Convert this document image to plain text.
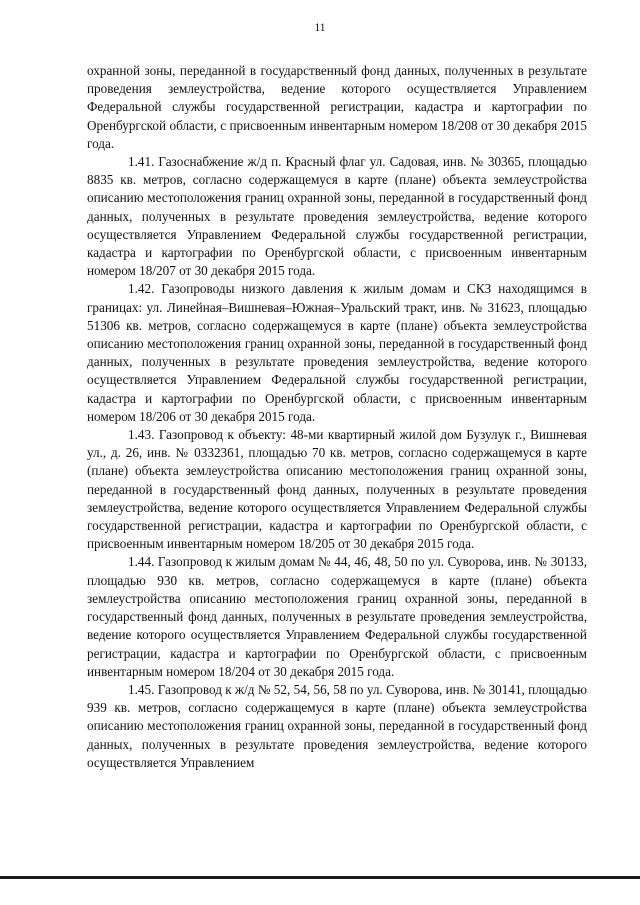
11

охранной зоны, переданной в государственный фонд данных, полученных в результате проведения землеустройства, ведение которого осуществляется Управлением Федеральной службы государственной регистрации, кадастра и картографии по Оренбургской области, с присвоенным инвентарным номером 18/208 от 30 декабря 2015 года.

1.41. Газоснабжение ж/д п. Красный флаг ул. Садовая, инв. № 30365, площадью 8835 кв. метров, согласно содержащемуся в карте (плане) объекта землеустройства описанию местоположения границ охранной зоны, переданной в государственный фонд данных, полученных в результате проведения землеустройства, ведение которого осуществляется Управлением Федеральной службы государственной регистрации, кадастра и картографии по Оренбургской области, с присвоенным инвентарным номером 18/207 от 30 декабря 2015 года.

1.42. Газопроводы низкого давления к жилым домам и СКЗ находящимся в границах: ул. Линейная–Вишневая–Южная–Уральский тракт, инв. № 31623, площадью 51306 кв. метров, согласно содержащемуся в карте (плане) объекта землеустройства описанию местоположения границ охранной зоны, переданной в государственный фонд данных, полученных в результате проведения землеустройства, ведение которого осуществляется Управлением Федеральной службы государственной регистрации, кадастра и картографии по Оренбургской области, с присвоенным инвентарным номером 18/206 от 30 декабря 2015 года.

1.43. Газопровод к объекту: 48-ми квартирный жилой дом Бузулук г., Вишневая ул., д. 26, инв. № 0332361, площадью 70 кв. метров, согласно содержащемуся в карте (плане) объекта землеустройства описанию местоположения границ охранной зоны, переданной в государственный фонд данных, полученных в результате проведения землеустройства, ведение которого осуществляется Управлением Федеральной службы государственной регистрации, кадастра и картографии по Оренбургской области, с присвоенным инвентарным номером 18/205 от 30 декабря 2015 года.

1.44. Газопровод к жилым домам № 44, 46, 48, 50 по ул. Суворова, инв. № 30133, площадью 930 кв. метров, согласно содержащемуся в карте (плане) объекта землеустройства описанию местоположения границ охранной зоны, переданной в государственный фонд данных, полученных в результате проведения землеустройства, ведение которого осуществляется Управлением Федеральной службы государственной регистрации, кадастра и картографии по Оренбургской области, с присвоенным инвентарным номером 18/204 от 30 декабря 2015 года.

1.45. Газопровод к ж/д № 52, 54, 56, 58 по ул. Суворова, инв. № 30141, площадью 939 кв. метров, согласно содержащемуся в карте (плане) объекта землеустройства описанию местоположения границ охранной зоны, переданной в государственный фонд данных, полученных в результате проведения землеустройства, ведение которого осуществляется Управлением
